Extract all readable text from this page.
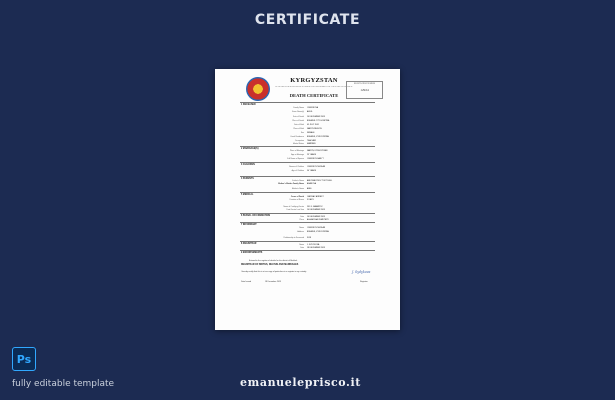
CERTIFICATE
KYRGYZSTAN
STATE REGISTRATION SERVICE UNDER THE GOVERNMENT OF THE KYRGYZ REPUBLIC
DEATH CERTIFICATE
REGISTRATION NUMBER
12924
1 DECEASED
Family Name OSMONOVA
Given Name(s) AIGUL
Date of Death 14 DECEMBER 2019
Place of Death BISHKEK CITY HOSPITAL
Date of Birth 05 JULY 1941
Place of Birth NARYN REGION
Sex FEMALE
Usual Residence BISHKEK, KYRGYZSTAN
Occupation TEACHER
Marital Status MARRIED
2 MARRIAGE(S)
Place of Marriage NARYN, KYRGYZSTAN
Age at Marriage 23 YEARS
Full Name of Spouse OSMONOV BAKYT
3 CHILDREN
Names of Children OSMONOV NURLAN
Age of Children 54 YEARS
4 PARENTS
Father's Name ABDYKADYROV TOKTOGUL
Mother's Maiden Family Name ASANOVA
Mother's Name ASEL
5 MEDICAL
Cause of Death CARDIAC ARREST
Duration of Illness 3 DAYS
Name of Certifying Doctor DR. K. MAMATOV
Date Doctor Last Saw 14 DECEMBER 2019
6 BURIAL OR CREMATION	Date 16 DECEMBER 2019
Place ALA-ARCHA CEMETERY
7 INFORMANT
Name OSMONOV NURLAN
Address BISHKEK, KYRGYZSTAN
Relationship to Deceased SON
8 REGISTRAR	Name J. SYDYKOVA
Date 18 DECEMBER 2019
9 ENDORSEMENTS
Entered in the register of deaths for the district of Bishkek.
REGISTRAR OF BIRTHS, DEATHS AND MARRIAGES
I hereby certify that this is a true copy of particulars in a register in my custody.	J. Sydykova
Date Issued	18 December 2019	Registrar
Ps
fully editable template	emanueleprisco.it
